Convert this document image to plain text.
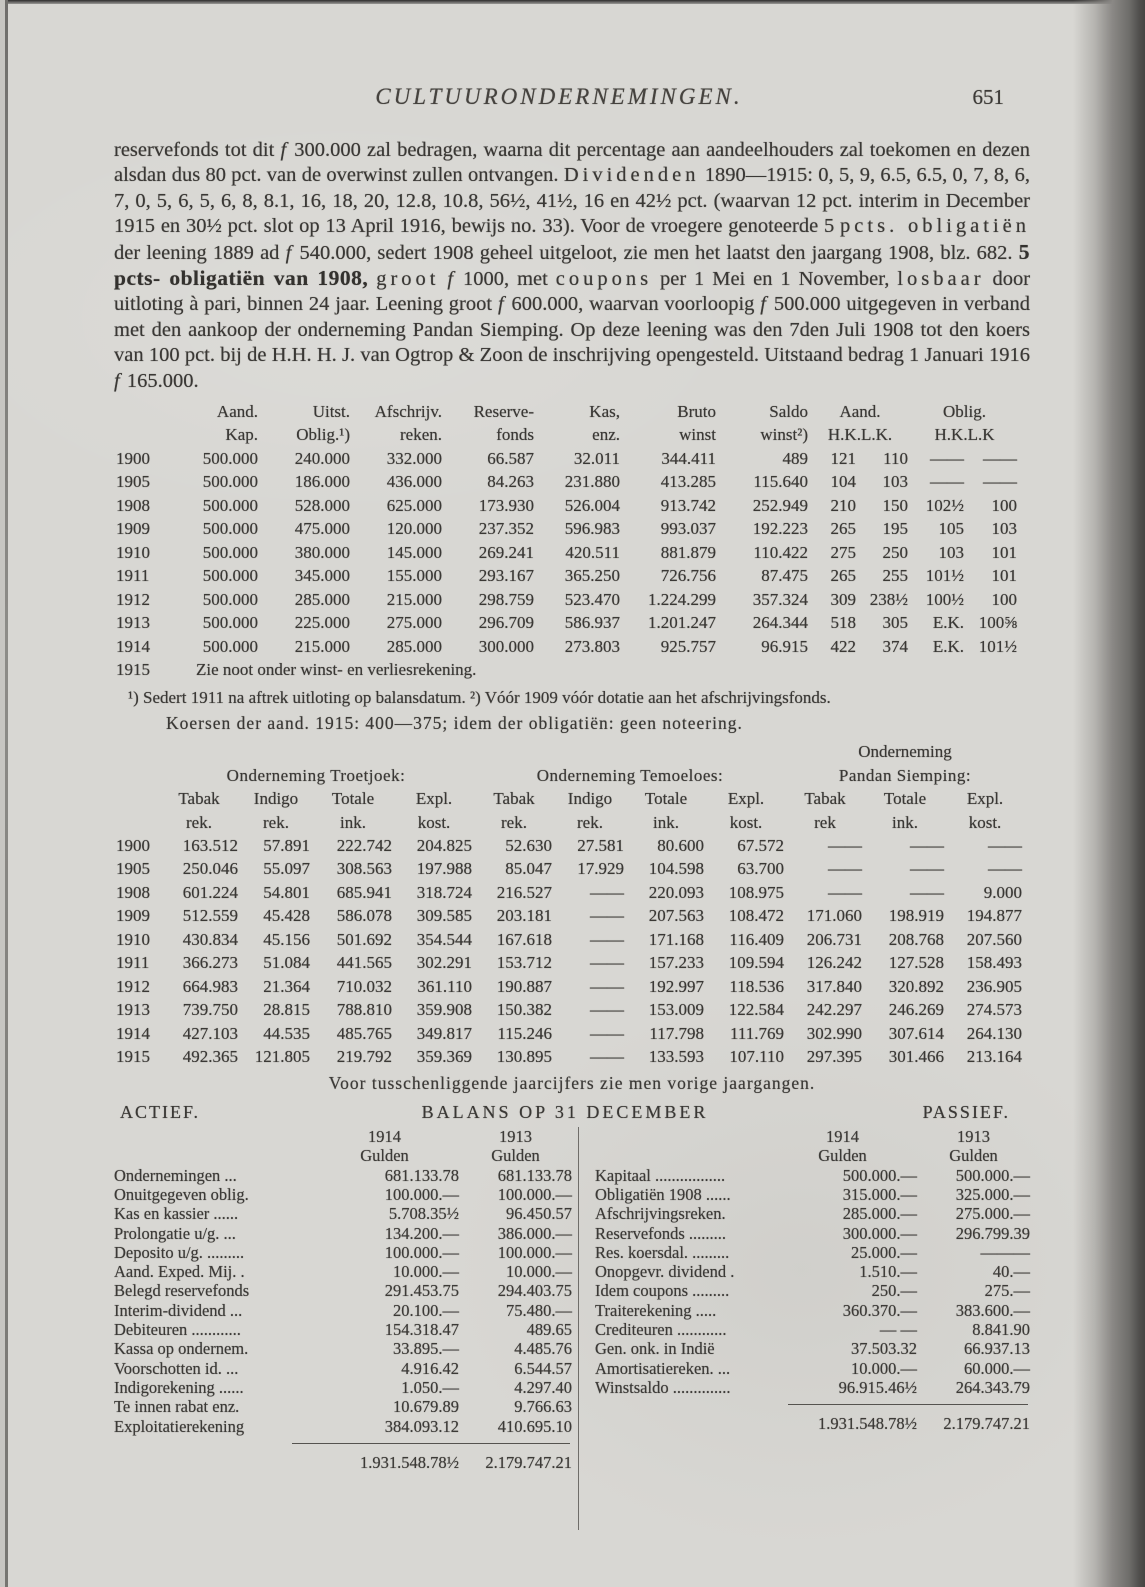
CULTUURONDERNEMINGEN.	651
reservefonds tot dit f 300.000 zal bedragen, waarna dit percentage aan aandeelhouders zal toekomen en dezen alsdan dus 80 pct. van de overwinst zullen ontvangen. Dividenden 1890—1915: 0, 5, 9, 6.5, 6.5, 0, 7, 8, 6, 7, 0, 5, 6, 5, 6, 8, 8.1, 16, 18, 20, 12.8, 10.8, 56½, 41½, 16 en 42½ pct. (waarvan 12 pct. interim in December 1915 en 30½ pct. slot op 13 April 1916, bewijs no. 33). Voor de vroegere genoteerde 5 pcts. obligatiën der leening 1889 ad f 540.000, sedert 1908 geheel uitgeloot, zie men het laatst den jaargang 1908, blz. 682. 5 pcts- obligatiën van 1908, groot f 1000, met coupons per 1 Mei en 1 November, losbaar door uitloting à pari, binnen 24 jaar. Leening groot f 600.000, waarvan voorloopig f 500.000 uitgegeven in verband met den aankoop der onderneming Pandan Siemping. Op deze leening was den 7den Juli 1908 tot den koers van 100 pct. bij de H.H. H. J. van Ogtrop & Zoon de inschrijving opengesteld. Uitstaand bedrag 1 Januari 1916 f 165.000.
	Aand.	Uitst.	Afschrijv.	Reserve-	Kas,	Bruto	Saldo	Aand.		Oblig.	
	Kap.	Oblig.¹)	reken.	fonds	enz.	winst	winst²)	H.K.L.K.		H.K.L.K	
1900	500.000	240.000	332.000	66.587	32.011	344.411	489	121	110	——	——
1905	500.000	186.000	436.000	84.263	231.880	413.285	115.640	104	103	——	——
1908	500.000	528.000	625.000	173.930	526.004	913.742	252.949	210	150	102½	100
1909	500.000	475.000	120.000	237.352	596.983	993.037	192.223	265	195	105	103
1910	500.000	380.000	145.000	269.241	420.511	881.879	110.422	275	250	103	101
1911	500.000	345.000	155.000	293.167	365.250	726.756	87.475	265	255	101½	101
1912	500.000	285.000	215.000	298.759	523.470	1.224.299	357.324	309	238½	100½	100
1913	500.000	225.000	275.000	296.709	586.937	1.201.247	264.344	518	305	E.K.	100⅝
1914	500.000	215.000	285.000	300.000	273.803	925.757	96.915	422	374	E.K.	101½
1915	Zie noot onder winst- en verliesrekening.										
¹) Sedert 1911 na aftrek uitloting op balansdatum. ²) Vóór 1909 vóór dotatie aan het afschrijvingsfonds.
Koersen der aand. 1915: 400—375; idem der obligatiën: geen noteering.
									Onderneming		
	Onderneming Troetjoek:				Onderneming Temoeloes:				Pandan Siemping:		
	Tabak	Indigo	Totale	Expl.	Tabak	Indigo	Totale	Expl.	Tabak	Totale	Expl.
	rek.	rek.	ink.	kost.	rek.	rek.	ink.	kost.	rek	ink.	kost.
1900	163.512	57.891	222.742	204.825	52.630	27.581	80.600	67.572	——	——	——
1905	250.046	55.097	308.563	197.988	85.047	17.929	104.598	63.700	——	——	——
1908	601.224	54.801	685.941	318.724	216.527	——	220.093	108.975	——	——	9.000
1909	512.559	45.428	586.078	309.585	203.181	——	207.563	108.472	171.060	198.919	194.877
1910	430.834	45.156	501.692	354.544	167.618	——	171.168	116.409	206.731	208.768	207.560
1911	366.273	51.084	441.565	302.291	153.712	——	157.233	109.594	126.242	127.528	158.493
1912	664.983	21.364	710.032	361.110	190.887	——	192.997	118.536	317.840	320.892	236.905
1913	739.750	28.815	788.810	359.908	150.382	——	153.009	122.584	242.297	246.269	274.573
1914	427.103	44.535	485.765	349.817	115.246	——	117.798	111.769	302.990	307.614	264.130
1915	492.365	121.805	219.792	359.369	130.895	——	133.593	107.110	297.395	301.466	213.164
Voor tusschenliggende jaarcijfers zie men vorige jaargangen.
ACTIEF.	BALANS OP 31 DECEMBER	PASSIEF.
1914	1913
Gulden	Gulden
Ondernemingen ...	681.133.78	681.133.78
Onuitgegeven oblig.	100.000.—	100.000.—
Kas en kassier ......	5.708.35½	96.450.57
Prolongatie u/g. ...	134.200.—	386.000.—
Deposito u/g. .........	100.000.—	100.000.—
Aand. Exped. Mij. .	10.000.—	10.000.—
Belegd reservefonds	291.453.75	294.403.75
Interim-dividend ...	20.100.—	75.480.—
Debiteuren ............	154.318.47	489.65
Kassa op ondernem.	33.895.—	4.485.76
Voorschotten id. ...	4.916.42	6.544.57
Indigorekening ......	1.050.—	4.297.40
Te innen rabat enz.	10.679.89	9.766.63
Exploitatierekening	384.093.12	410.695.10
1.931.548.78½	2.179.747.21
1914	1913
Gulden	Gulden
Kapitaal .................	500.000.—	500.000.—
Obligatiën 1908 ......	315.000.—	325.000.—
Afschrijvingsreken.	285.000.—	275.000.—
Reservefonds .........	300.000.—	296.799.39
Res. koersdal. .........	25.000.—	———
Onopgevr. dividend .	1.510.—	40.—
Idem coupons .........	250.—	275.—
Traiterekening .....	360.370.—	383.600.—
Crediteuren ............	— —	8.841.90
Gen. onk. in Indië	37.503.32	66.937.13
Amortisatiereken. ...	10.000.—	60.000.—
Winstsaldo ..............	96.915.46½	264.343.79
1.931.548.78½	2.179.747.21
